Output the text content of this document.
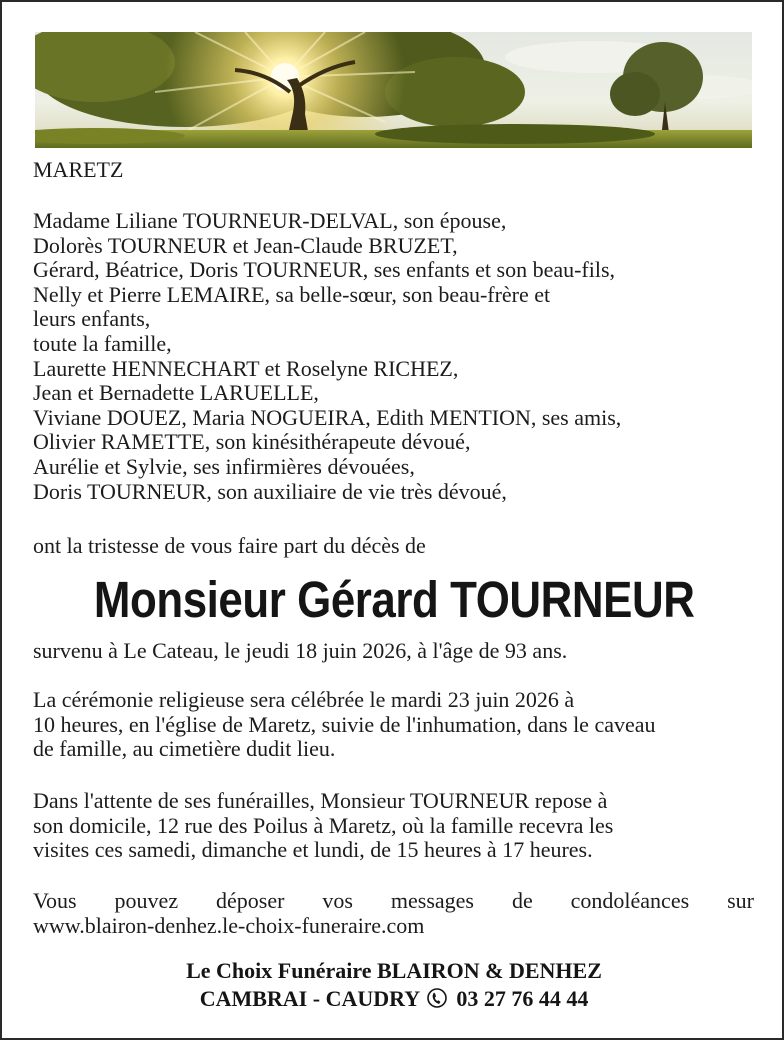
MARETZ
Madame Liliane TOURNEUR-DELVAL, son épouse,
Dolorès TOURNEUR et Jean-Claude BRUZET,
Gérard, Béatrice, Doris TOURNEUR, ses enfants et son beau-fils,
Nelly et Pierre LEMAIRE, sa belle-sœur, son beau-frère et
leurs enfants,
toute la famille,
Laurette HENNECHART et Roselyne RICHEZ,
Jean et Bernadette LARUELLE,
Viviane DOUEZ, Maria NOGUEIRA, Edith MENTION, ses amis,
Olivier RAMETTE, son kinésithérapeute dévoué,
Aurélie et Sylvie, ses infirmières dévouées,
Doris TOURNEUR, son auxiliaire de vie très dévoué,
ont la tristesse de vous faire part du décès de
Monsieur Gérard TOURNEUR
survenu à Le Cateau, le jeudi 18 juin 2026, à l'âge de 93 ans.
La cérémonie religieuse sera célébrée le mardi 23 juin 2026 à
10 heures, en l'église de Maretz, suivie de l'inhumation, dans le caveau
de famille, au cimetière dudit lieu.
Dans l'attente de ses funérailles, Monsieur TOURNEUR repose à
son domicile, 12 rue des Poilus à Maretz, où la famille recevra les
visites ces samedi, dimanche et lundi, de 15 heures à 17 heures.
Vous pouvez déposer vos messages de condoléances sur
www.blairon-denhez.le-choix-funeraire.com
Le Choix Funéraire BLAIRON & DENHEZ
CAMBRAI - CAUDRY 03 27 76 44 44
